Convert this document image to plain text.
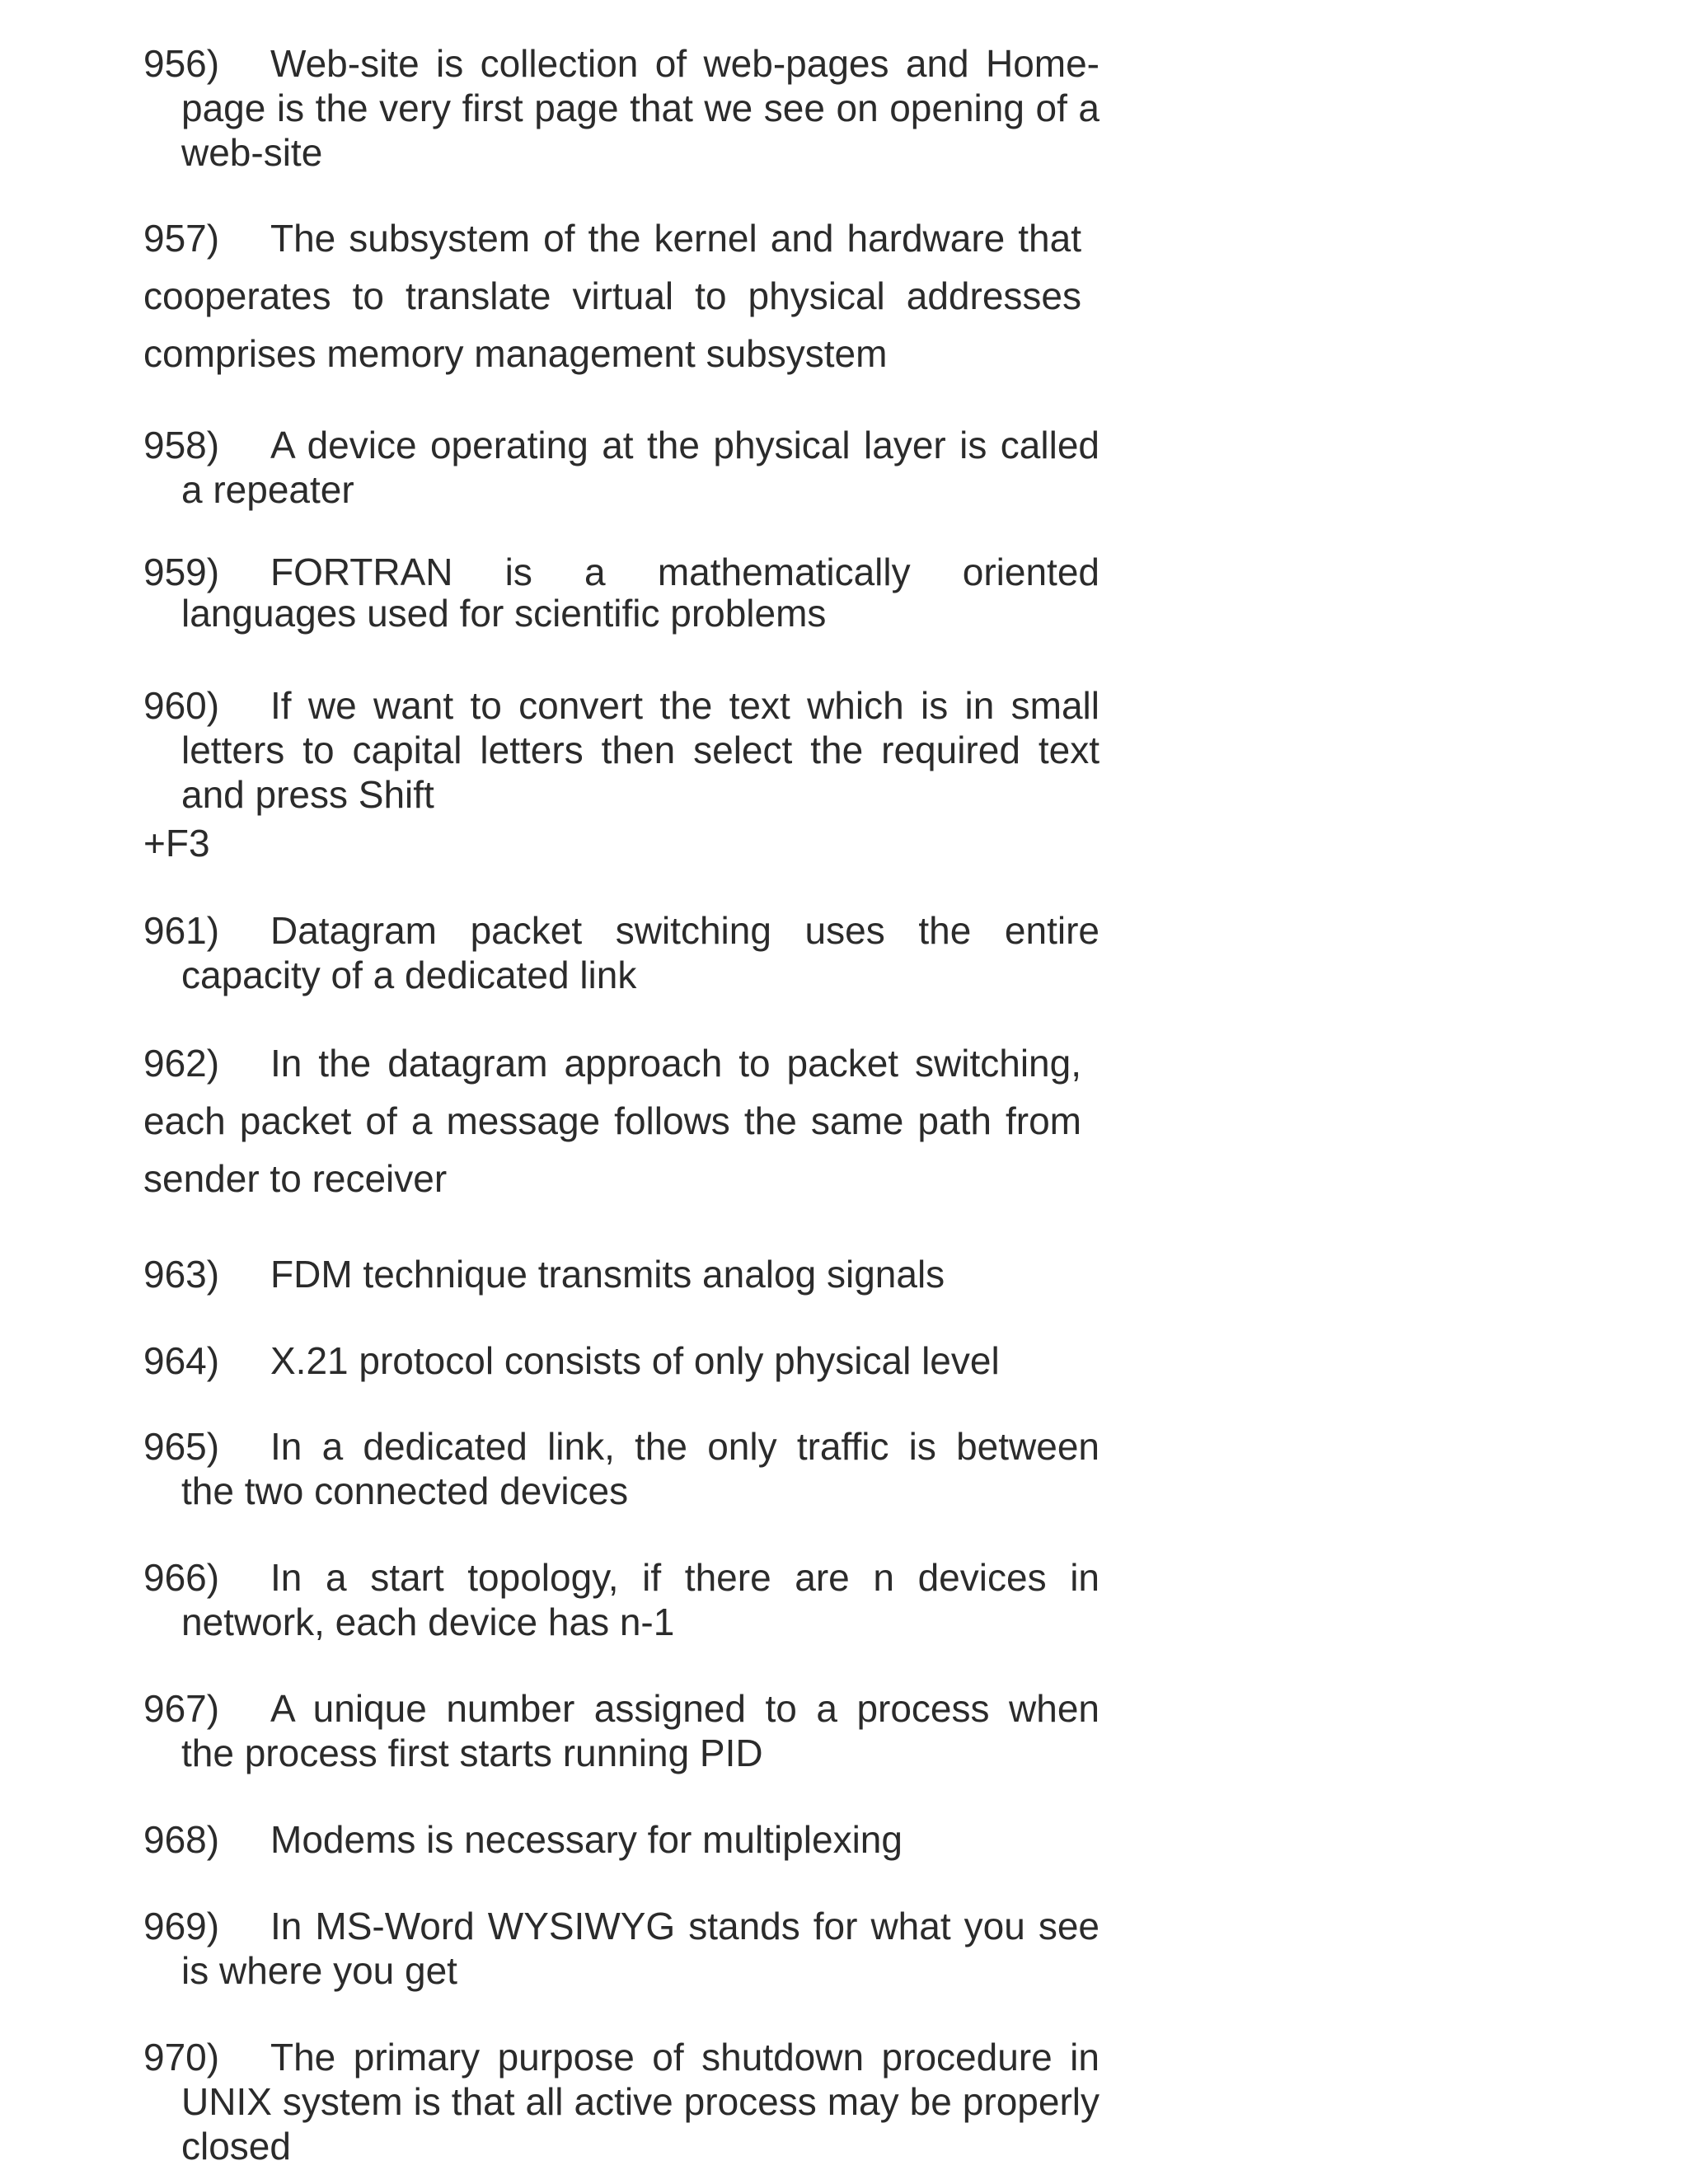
956) Web-site is collection of web-pages and Home-
page is the very first page that we see on opening of a web-site
957) The subsystem of the kernel and hardware that
cooperates to translate virtual to physical addresses comprises memory management subsystem
958) A device operating at the physical layer is called
a repeater
959) FORTRAN is a mathematically oriented
languages used for scientific problems
960) If we want to convert the text which is in small
letters to capital letters then select the required text and press Shift
+F3
961) Datagram packet switching uses the entire
capacity of a dedicated link
962) In the datagram approach to packet switching,
each packet of a message follows the same path from sender to receiver
963) FDM technique transmits analog signals
964) X.21 protocol consists of only physical level
965) In a dedicated link, the only traffic is between
the two connected devices
966) In a start topology, if there are n devices in
network, each device has n-1
967) A unique number assigned to a process when
the process first starts running PID
968) Modems is necessary for multiplexing
969) In MS-Word WYSIWYG stands for what you see
is where you get
970) The primary purpose of shutdown procedure in
UNIX system is that all active process may be properly closed
